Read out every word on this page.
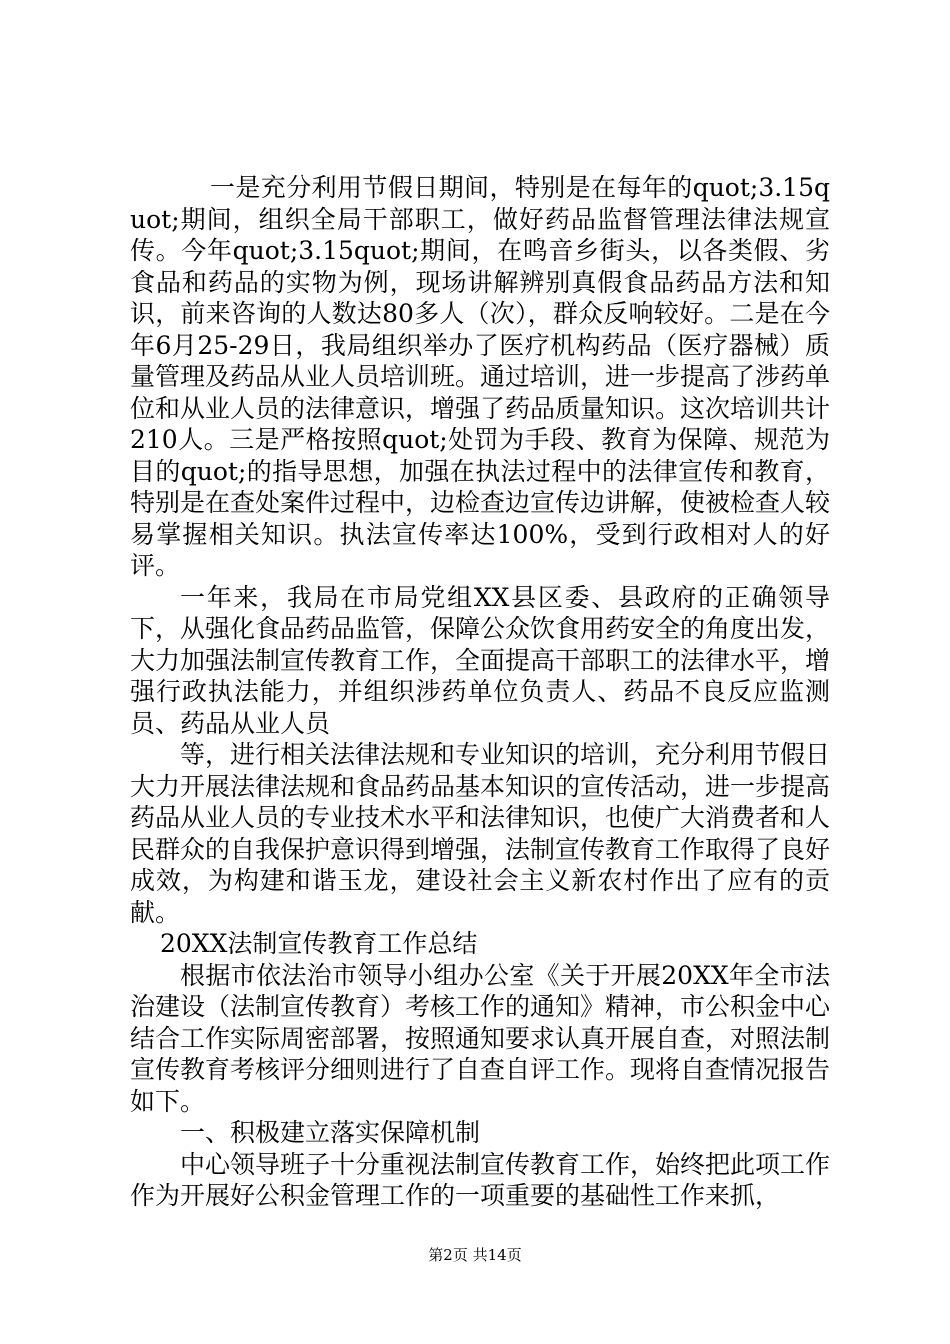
一是充分利用节假日期间，特别是在每年的quot;3.15quot;期间，组织全局干部职工，做好药品监督管理法律法规宣传。今年quot;3.15quot;期间，在鸣音乡街头，以各类假、劣食品和药品的实物为例，现场讲解辨别真假食品药品方法和知识，前来咨询的人数达80多人（次），群众反响较好。二是在今年6月25-29日，我局组织举办了医疗机构药品（医疗器械）质量管理及药品从业人员培训班。通过培训，进一步提高了涉药单位和从业人员的法律意识，增强了药品质量知识。这次培训共计210人。三是严格按照quot;处罚为手段、教育为保障、规范为目的quot;的指导思想，加强在执法过程中的法律宣传和教育，特别是在查处案件过程中，边检查边宣传边讲解，使被检查人较易掌握相关知识。执法宣传率达100%，受到行政相对人的好评。

一年来，我局在市局党组XX县区委、县政府的正确领导下，从强化食品药品监管，保障公众饮食用药安全的角度出发，大力加强法制宣传教育工作，全面提高干部职工的法律水平，增强行政执法能力，并组织涉药单位负责人、药品不良反应监测员、药品从业人员

等，进行相关法律法规和专业知识的培训，充分利用节假日大力开展法律法规和食品药品基本知识的宣传活动，进一步提高药品从业人员的专业技术水平和法律知识，也使广大消费者和人民群众的自我保护意识得到增强，法制宣传教育工作取得了良好成效，为构建和谐玉龙，建设社会主义新农村作出了应有的贡献。

20XX法制宣传教育工作总结

根据市依法治市领导小组办公室《关于开展20XX年全市法治建设（法制宣传教育）考核工作的通知》精神，市公积金中心结合工作实际周密部署，按照通知要求认真开展自查，对照法制宣传教育考核评分细则进行了自查自评工作。现将自查情况报告如下。

一、积极建立落实保障机制

中心领导班子十分重视法制宣传教育工作，始终把此项工作作为开展好公积金管理工作的一项重要的基础性工作来抓，

第2页 共14页
